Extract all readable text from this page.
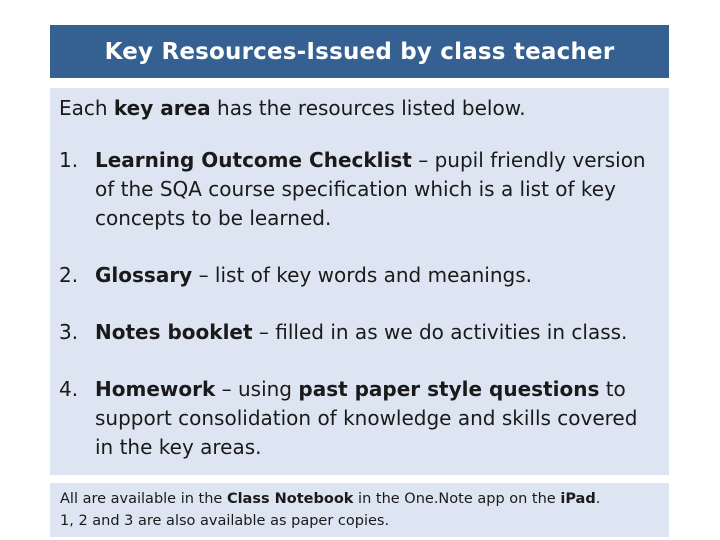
Key Resources-Issued by class teacher

Each key area has the resources listed below.

1. Learning Outcome Checklist – pupil friendly version of the SQA course specification which is a list of key concepts to be learned.

2. Glossary – list of key words and meanings.

3. Notes booklet – filled in as we do activities in class.

4. Homework – using past paper style questions to support consolidation of knowledge and skills covered in the key areas.

All are available in the Class Notebook in the One.Note app on the iPad.

1, 2 and 3 are also available as paper copies.
